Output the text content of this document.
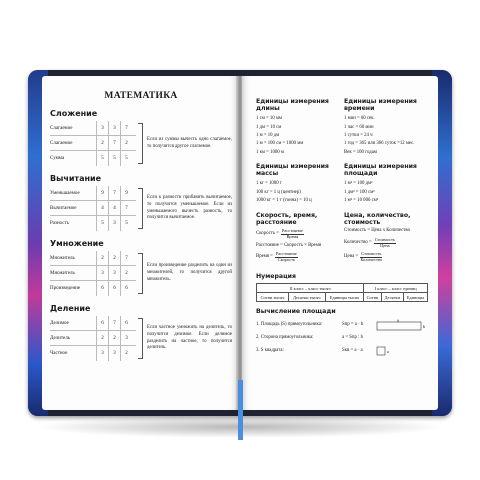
МАТЕМАТИКА
Сложение
Слагаемое	3	3	7
Слагаемое	2	7	2
Сумма	5	5	5
Если из суммы вычесть одно слагаемое, то получится другое слагаемое.
Вычитание
Уменьшаемое	9	7	9
Вычитаемое	4	4	7
Разность	5	3	5
Если к разности прибавить вычитаемое, то получится уменьшаемое. Если из уменьшаемого вычесть разность, то получится вычитаемое.
Умножение
Множитель	2	2	7
Множитель	3	3	2
Произведение	6	6	6
Если произведение разделить на один из множителей, то получится другой множитель.
Деление
Делимое	6	7	6
Делитель	2	2	3
Частное	3	3	2
Если частное умножить на делитель, то получится делимое. Если делимое разделить на частное, то получится делитель.
Единицы измерения длины
1 см = 10 мм
1 дм = 10 см
1 м = 10 дм
1 м = 100 см = 1000 мм
1 км = 1000 м
Единицы измерения времени
1 мин = 60 сек.
1 час = 60 мин
1 сутки = 24 ч
1 год = 365 или 366 суток =12 мес.
Век = 100 годам
Единицы измерения массы
1 кг = 1000 г
100 кг = 1 ц (центнер)
1000 кг = 1 т (тонна) = 10 ц
Единицы измерения площади
1 м² = 100 дм²
1 дм² = 100 см²
1 м² = 10 000 см²
Скорость, время, расстояние
Скорость = $\frac{\text{Расстояние}}{\text{Время}}$
Расстояние = Скорость × Время
Время = $\frac{\text{Расстояние}}{\text{Скорость}}$
Цена, количество, стоимость
Стоимость = Цена х Количество
Количество = $\frac{\text{Стоимость}}{\text{Цена}}$
Цена = $\frac{\text{Стоимость}}{\text{Количество}}$
Нумерация
II класс – класс тысяч			I класс – класс единиц		
Сотни тысяч	Десятки тысяч	Единицы тысяч	Сотни	Десятки	Единицы
Вычисление площади
1. Площадь (S) прямоугольника:	Sпр = a · b
a
b
2. Сторона прямоугольника:	a = Sпр : b
3. S квадрата:	Sкв = a · a	a
